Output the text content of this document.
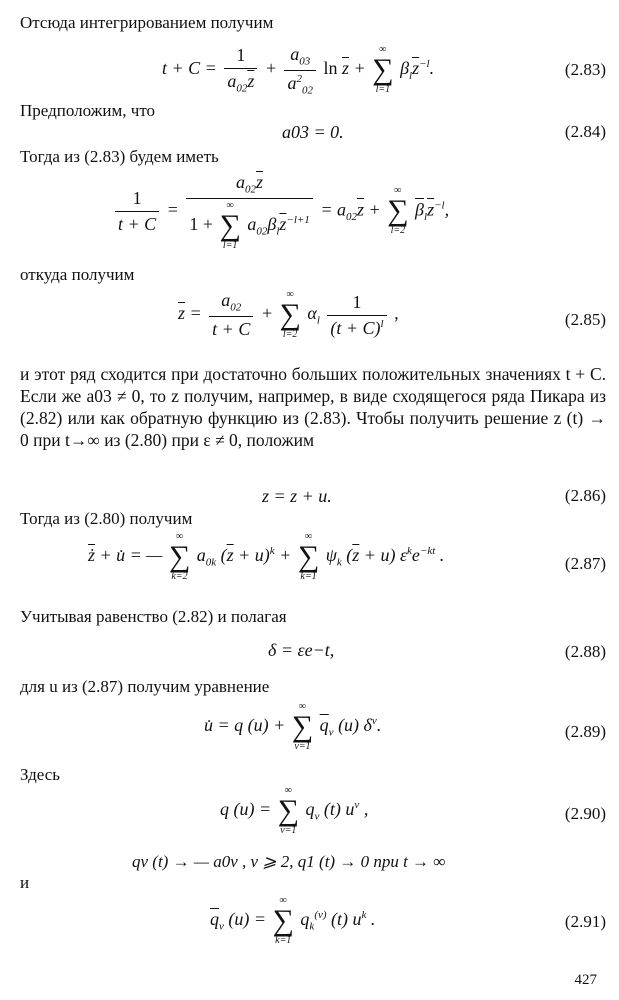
Отсюда интегрированием получим
$t + C = \frac{1}{a_{02}\overline{z}} + \frac{a_{03}}{a^2_{02}}$ $\ln \overline{z}$ +
∞
∑
l=1
$\beta_l\overline{z}^{-l}$.	(2.83)
Предположим, что
a03 = 0.	(2.84)
Тогда из (2.83) будем иметь
$\frac{1}{t + C} = a_{02}\overline{z}$
1 +
∞
∑
l=1
$a_{02}\beta_l\overline{z}^{-l+1} = a_{02}\overline{z}$ +
∞
∑
l=2
$\overline{\beta}_l\overline{z}^{-l}$,
откуда получим
$\overline{z} = \frac{a_{02}}{t + C}$ +
∞
∑
l=2
$\alpha_l \frac{1}{(t + C)^l}$ ,	(2.85)
и этот ряд сходится при достаточно больших положительных значениях t + C. Если же a03 ≠ 0, то z получим, например, в виде сходящегося ряда Пикара из (2.82) или как обратную функцию из (2.83). Чтобы получить решение z (t) → 0 при t→∞ из (2.80) при ε ≠ 0, положим
z = z + u.	(2.86)
Тогда из (2.80) получим
$\overline{z}̇$ + u̇ = —
∞
∑
k=2
$a_{0k}$ $(\overline{z} + u)^k$ +
∞
∑
k=1
$\psi_k$ $(\overline{z} + u)$ $\varepsilon^ke^{-kt}$ .	(2.87)
Учитывая равенство (2.82) и полагая
δ = εe−t,	(2.88)
для u из (2.87) получим уравнение
u̇ = q (u) +
∞
∑
ν=1
$\overline{q}_\nu$ (u) $\delta^\nu$.	(2.89)
Здесь
q (u) =
∞
∑
ν=1
$q_\nu$ (t) $u^\nu$ ,	(2.90)
qν (t) → — a0ν , ν ⩾ 2, q1 (t) → 0 при t → ∞
и
$\overline{q}_\nu$ (u) =
∞
∑
k=1
$q_k^{(\nu)}$ (t) $u^k$ .	(2.91)
427
